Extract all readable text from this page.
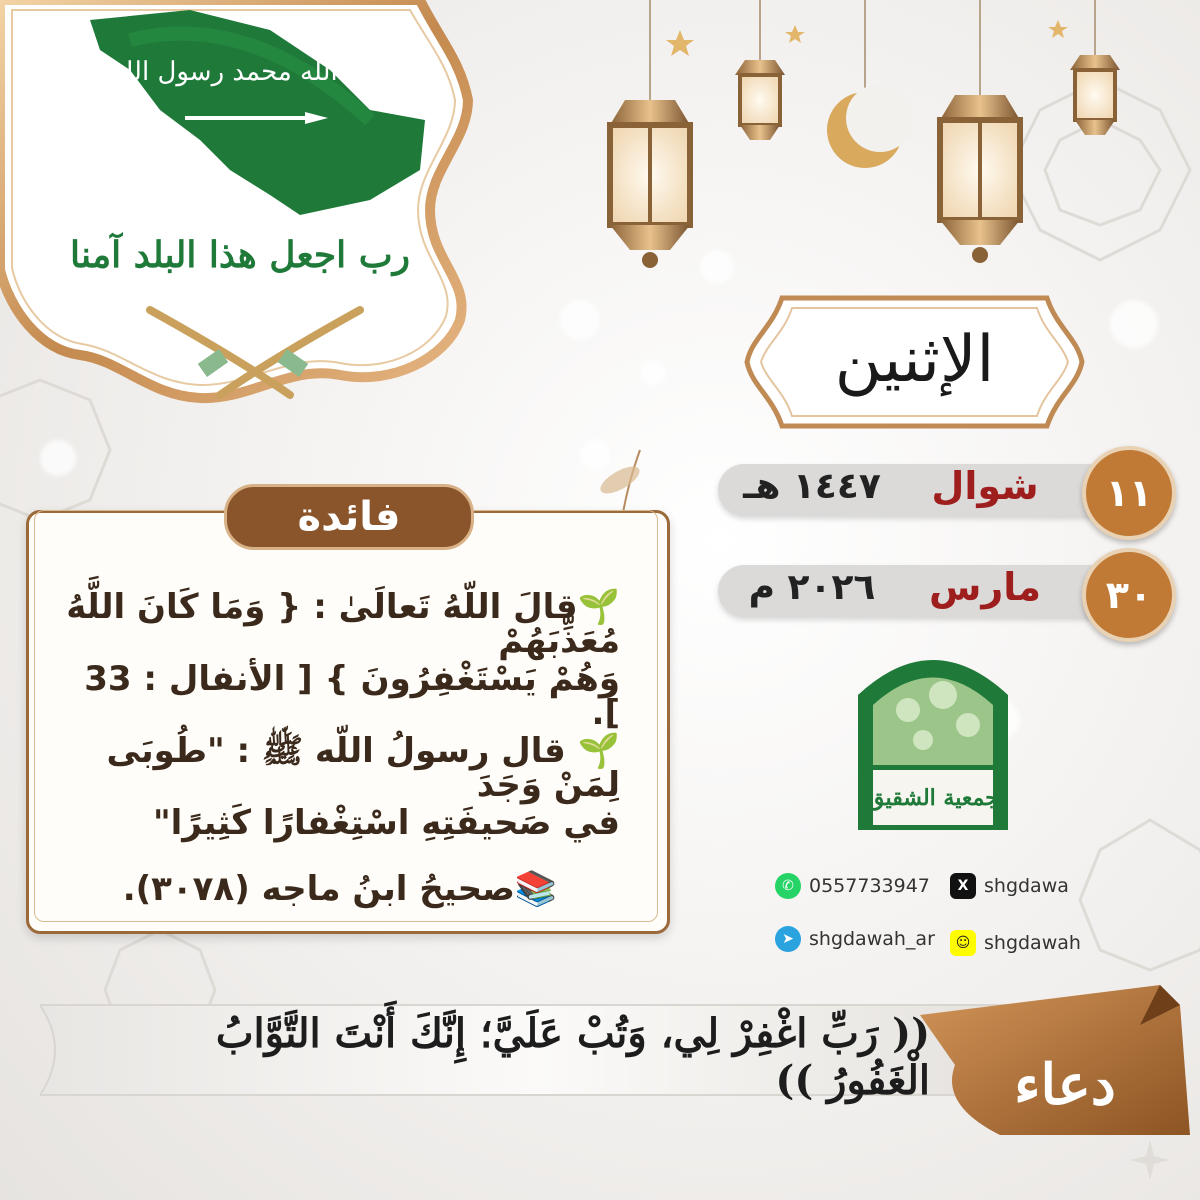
لا إله إلا الله محمد رسول الله
رب اجعل هذا البلد آمنا
الإثنين
١٤٤٧ هـ	شوال	١١
٢٠٢٦ م	مارس	٣٠
جمعية الشقيق
✆ 0557733947	X shgdawa
➤ shgdawah_ar	☺ shgdawah
فائدة
🌱قالَ اللّهُ تَعالَىٰ : { وَمَا كَانَ اللَّهُ مُعَذِّبَهُمْ
وَهُمْ يَسْتَغْفِرُونَ } [ الأنفال : 33 ].
🌱 قال رسولُ اللّه ﷺ : "طُوبَى لِمَنْ وَجَدَ
في صَحيفَتِهِ اسْتِغْفارًا كَثِيرًا"
📚صحيحُ ابنُ ماجه (٣٠٧٨).
(( رَبِّ اغْفِرْ لِي، وَتُبْ عَلَيَّ؛ إِنَّكَ أَنْتَ التَّوَّابُ الْغَفُورُ ))	دعاء
